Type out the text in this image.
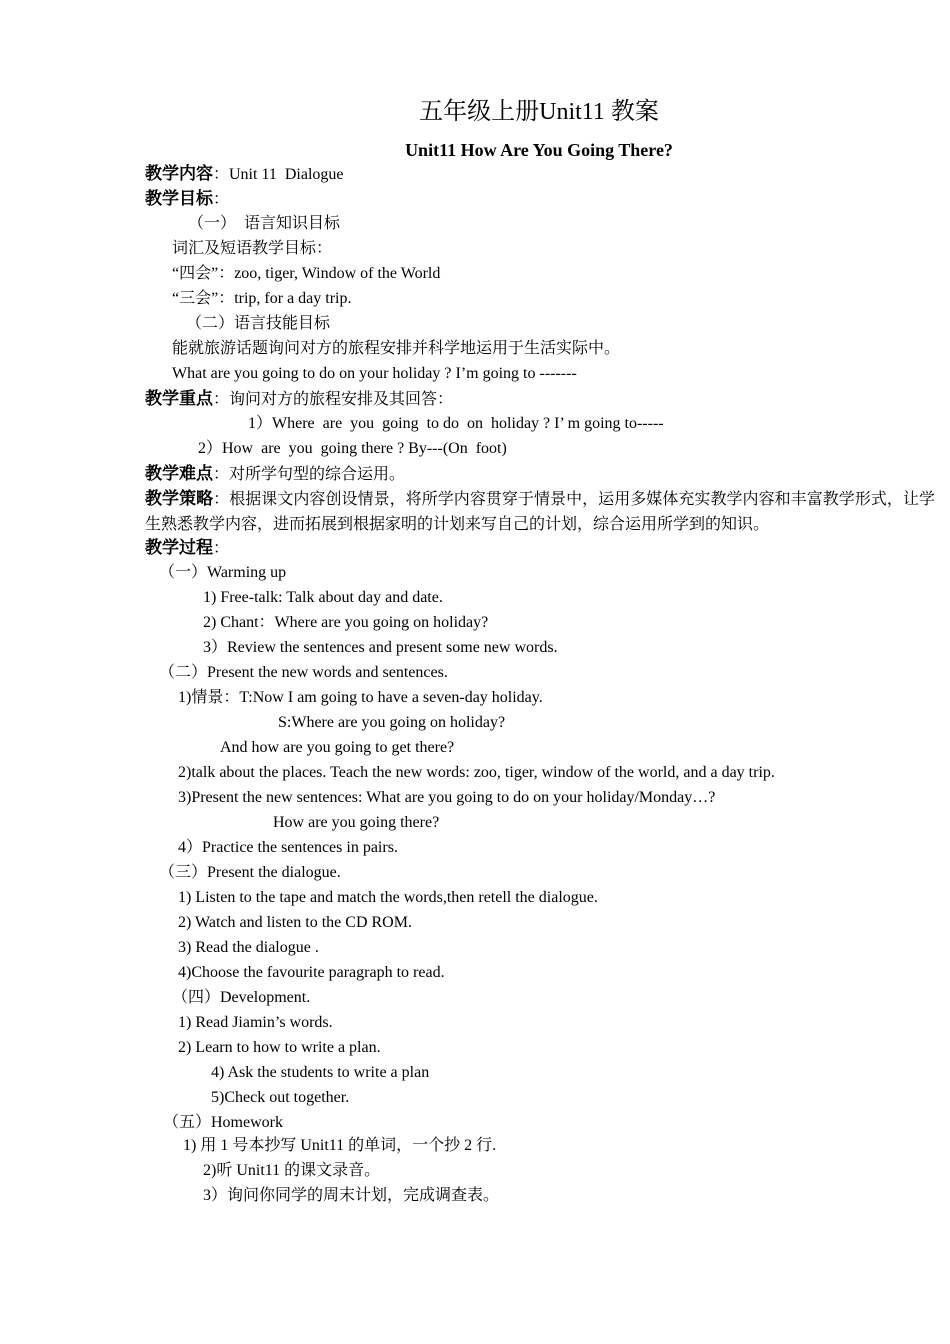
五年级上册Unit11 教案
Unit11 How Are You Going There?
教学内容：Unit 11  Dialogue
教学目标：
（一）  语言知识目标
词汇及短语教学目标：
“四会”：zoo, tiger, Window of the World
“三会”：trip, for a day trip.
（二）语言技能目标
能就旅游话题询问对方的旅程安排并科学地运用于生活实际中。
What are you going to do on your holiday ? I’m going to -------
教学重点：询问对方的旅程安排及其回答：
1）Where  are  you  going  to do  on  holiday ? I’ m going to-----
2）How  are  you  going there ? By---(On  foot)
教学难点：对所学句型的综合运用。
教学策略：根据课文内容创设情景，将所学内容贯穿于情景中，运用多媒体充实教学内容和丰富教学形式，让学生熟悉教学内容，进而拓展到根据家明的计划来写自己的计划，综合运用所学到的知识。
教学过程：
（一）Warming up
1) Free-talk: Talk about day and date.
2) Chant：Where are you going on holiday?
3）Review the sentences and present some new words.
（二）Present the new words and sentences.
1)情景：T:Now I am going to have a seven-day holiday.
S:Where are you going on holiday?
And how are you going to get there?
2)talk about the places. Teach the new words: zoo, tiger, window of the world, and a day trip.
3)Present the new sentences: What are you going to do on your holiday/Monday…?
How are you going there?
4）Practice the sentences in pairs.
（三）Present the dialogue.
1) Listen to the tape and match the words,then retell the dialogue.
2) Watch and listen to the CD ROM.
3) Read the dialogue .
4)Choose the favourite paragraph to read.
（四）Development.
1) Read Jiamin’s words.
2) Learn to how to write a plan.
4) Ask the students to write a plan
5)Check out together.
（五）Homework
1) 用 1 号本抄写 Unit11 的单词，一个抄 2 行.
2)听 Unit11 的课文录音。
3）询问你同学的周末计划，完成调查表。
